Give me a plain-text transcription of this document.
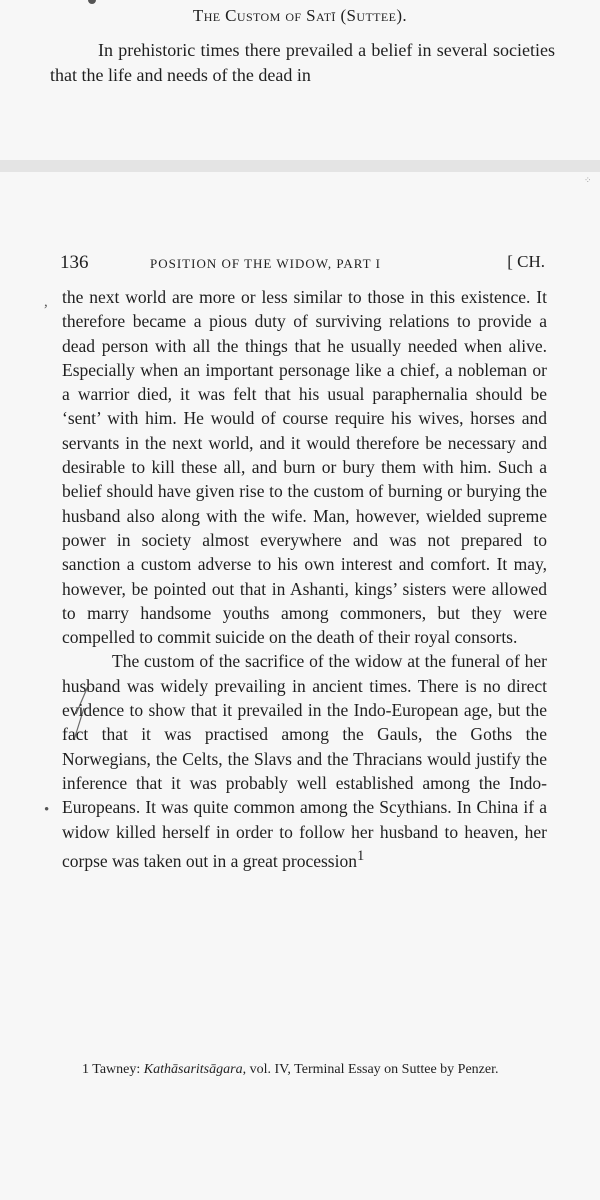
The Custom of Satī (Suttee).
In prehistoric times there prevailed a belief in several societies that the life and needs of the dead in
⁘
136	POSITION OF THE WIDOW, PART I	[ CH.
,
•

the next world are more or less similar to those in this existence. It therefore became a pious duty of surviving relations to provide a dead person with all the things that he usually needed when alive. Especially when an important personage like a chief, a nobleman or a warrior died, it was felt that his usual paraphernalia should be ‘sent’ with him. He would of course require his wives, horses and servants in the next world, and it would therefore be necessary and desirable to kill these all, and burn or bury them with him. Such a belief should have given rise to the custom of burning or burying the husband also along with the wife. Man, however, wielded supreme power in society almost everywhere and was not prepared to sanction a custom adverse to his own interest and comfort. It may, however, be pointed out that in Ashanti, kings’ sisters were allowed to marry handsome youths among commoners, but they were compelled to commit suicide on the death of their royal consorts.

The custom of the sacrifice of the widow at the funeral of her husband was widely prevailing in ancient times. There is no direct evidence to show that it prevailed in the Indo-European age, but the fact that it was practised among the Gauls, the Goths the Norwegians, the Celts, the Slavs and the Thracians would justify the inference that it was probably well established among the Indo-Europeans. It was quite common among the Scythians. In China if a widow killed herself in order to follow her husband to heaven, her corpse was taken out in a great procession$^1$

1 Tawney: Kathāsaritsāgara, vol. IV, Terminal Essay on Suttee by Penzer.
